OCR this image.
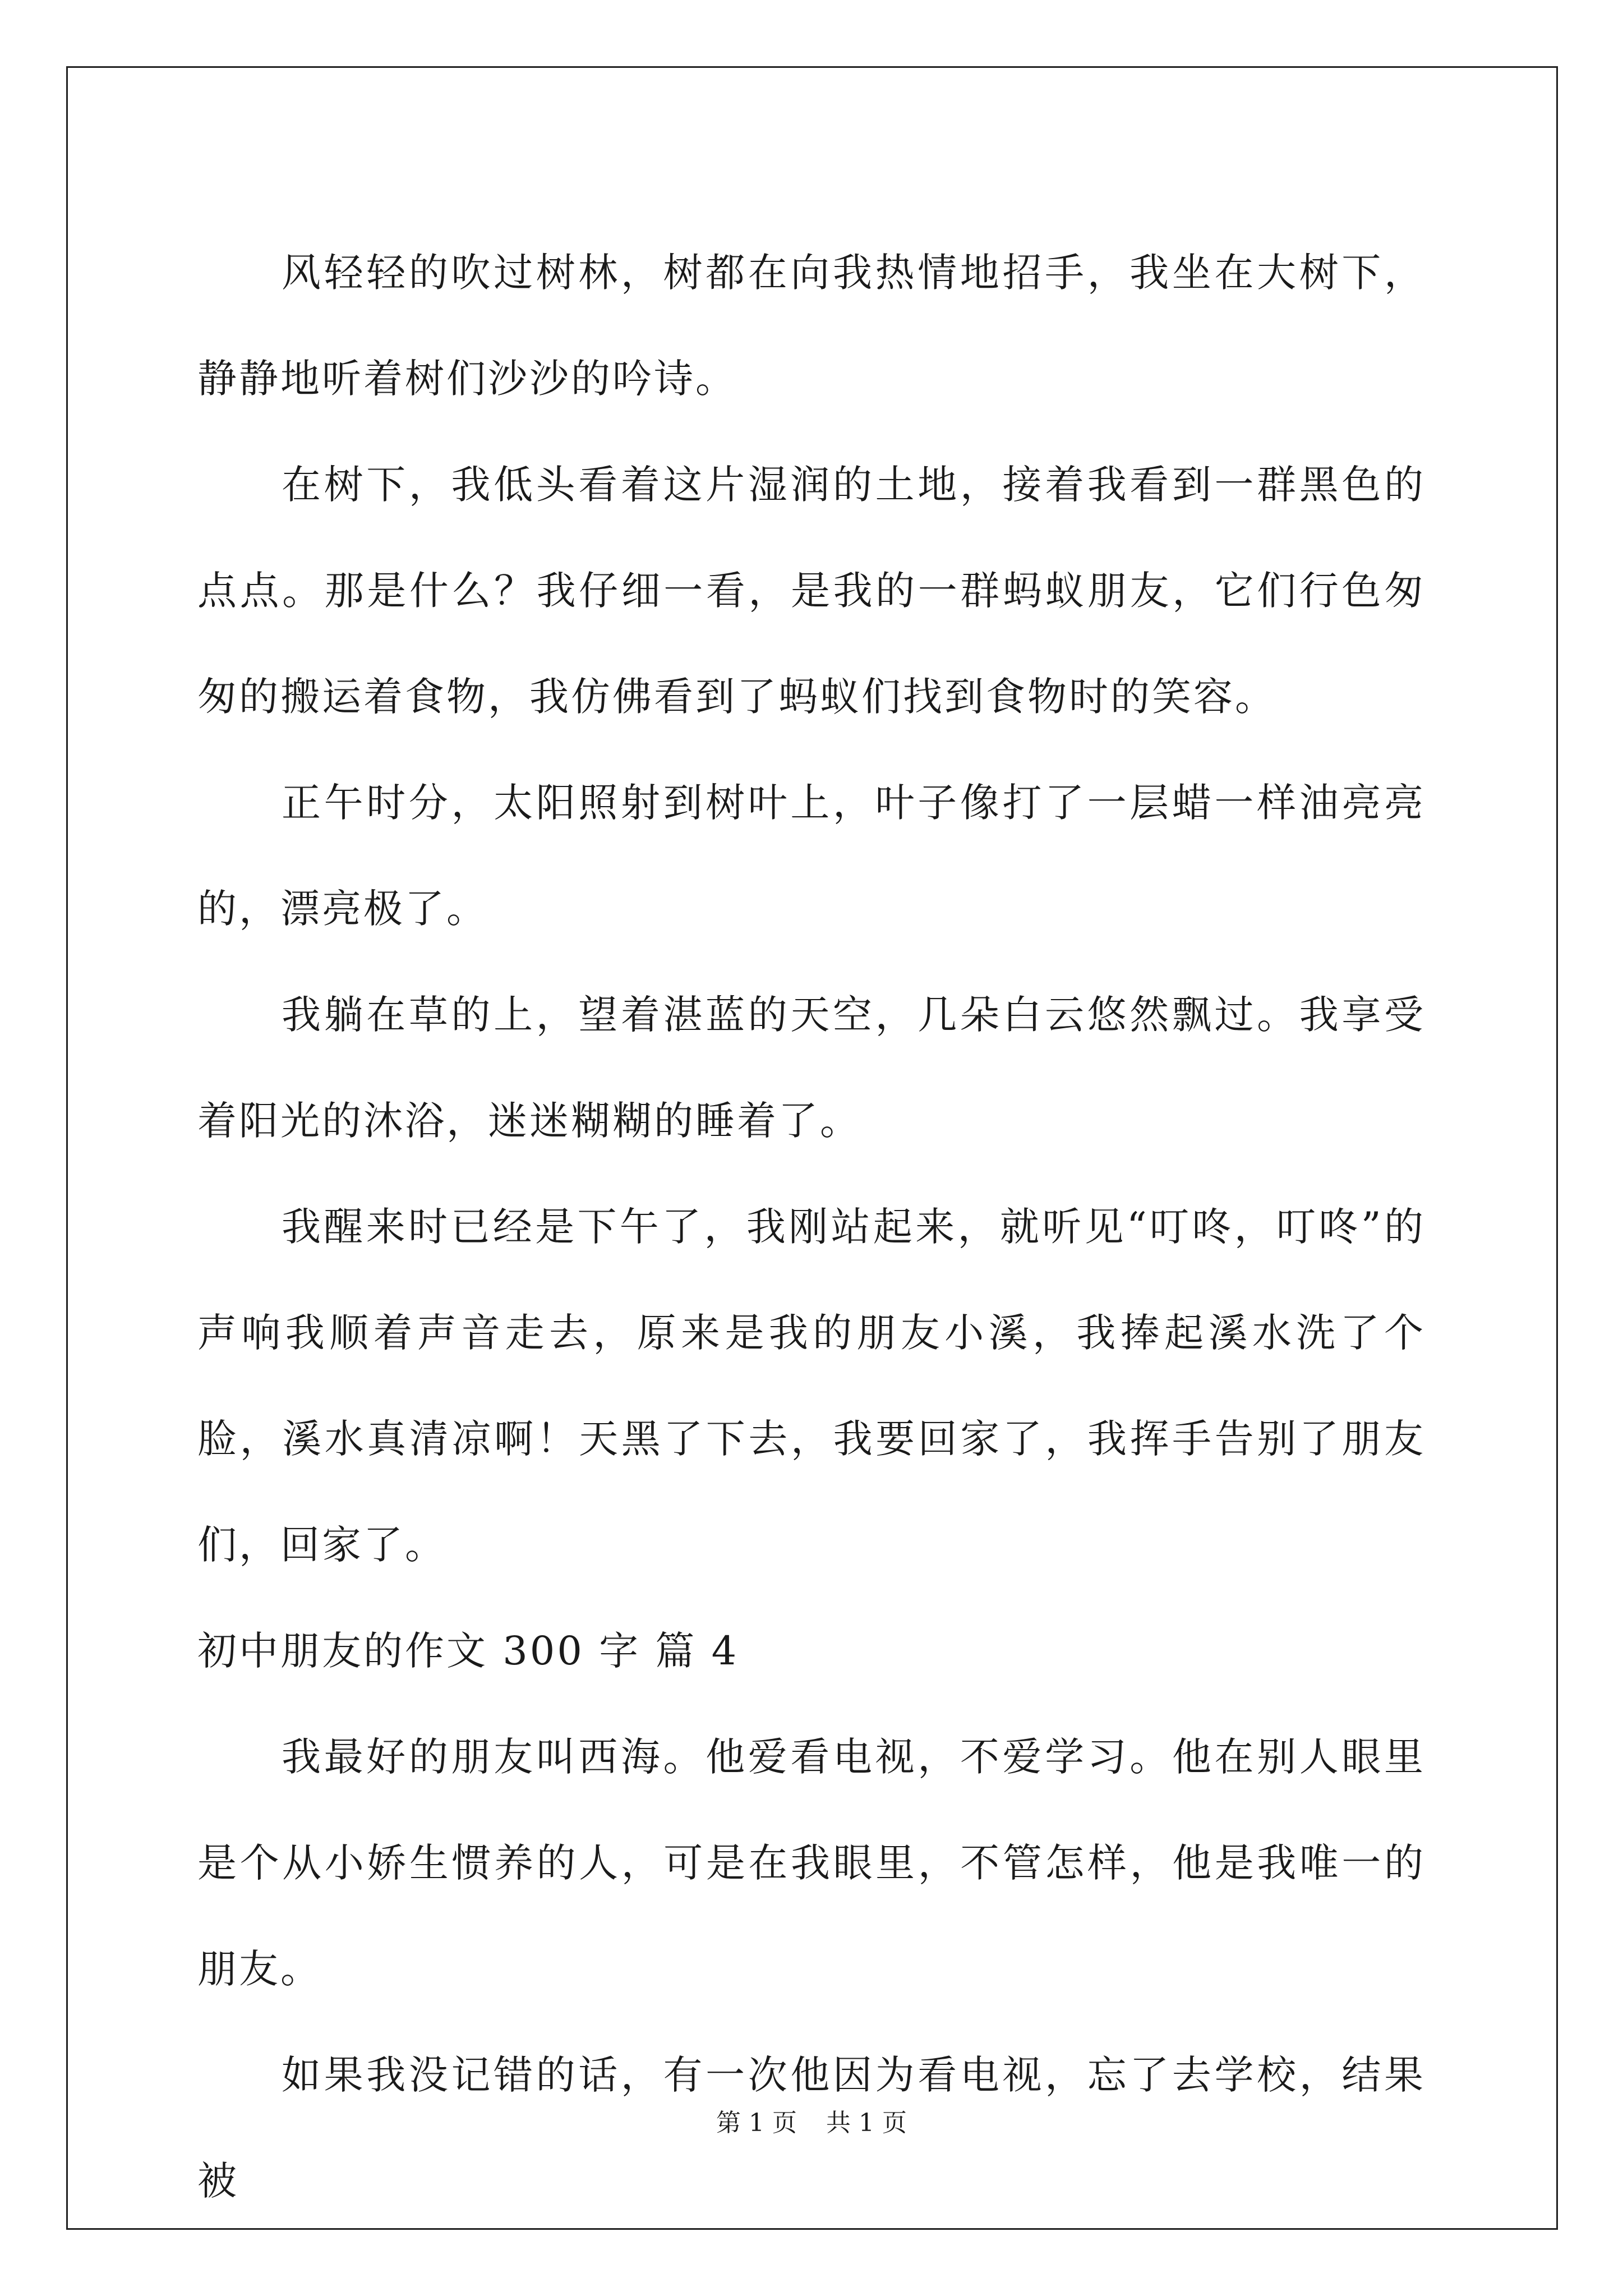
风轻轻的吹过树林，树都在向我热情地招手，我坐在大树下，静静地听着树们沙沙的吟诗。

在树下，我低头看着这片湿润的土地，接着我看到一群黑色的点点。那是什么？我仔细一看，是我的一群蚂蚁朋友，它们行色匆匆的搬运着食物，我仿佛看到了蚂蚁们找到食物时的笑容。

正午时分，太阳照射到树叶上，叶子像打了一层蜡一样油亮亮的，漂亮极了。

我躺在草的上，望着湛蓝的天空，几朵白云悠然飘过。我享受着阳光的沐浴，迷迷糊糊的睡着了。

我醒来时已经是下午了，我刚站起来，就听见“叮咚，叮咚”的声响我顺着声音走去，原来是我的朋友小溪，我捧起溪水洗了个脸，溪水真清凉啊！天黑了下去，我要回家了，我挥手告别了朋友们，回家了。

初中朋友的作文 300 字 篇 4

我最好的朋友叫西海。他爱看电视，不爱学习。他在别人眼里是个从小娇生惯养的人，可是在我眼里，不管怎样，他是我唯一的朋友。

如果我没记错的话，有一次他因为看电视，忘了去学校，结果被

第 1 页 共 1 页
